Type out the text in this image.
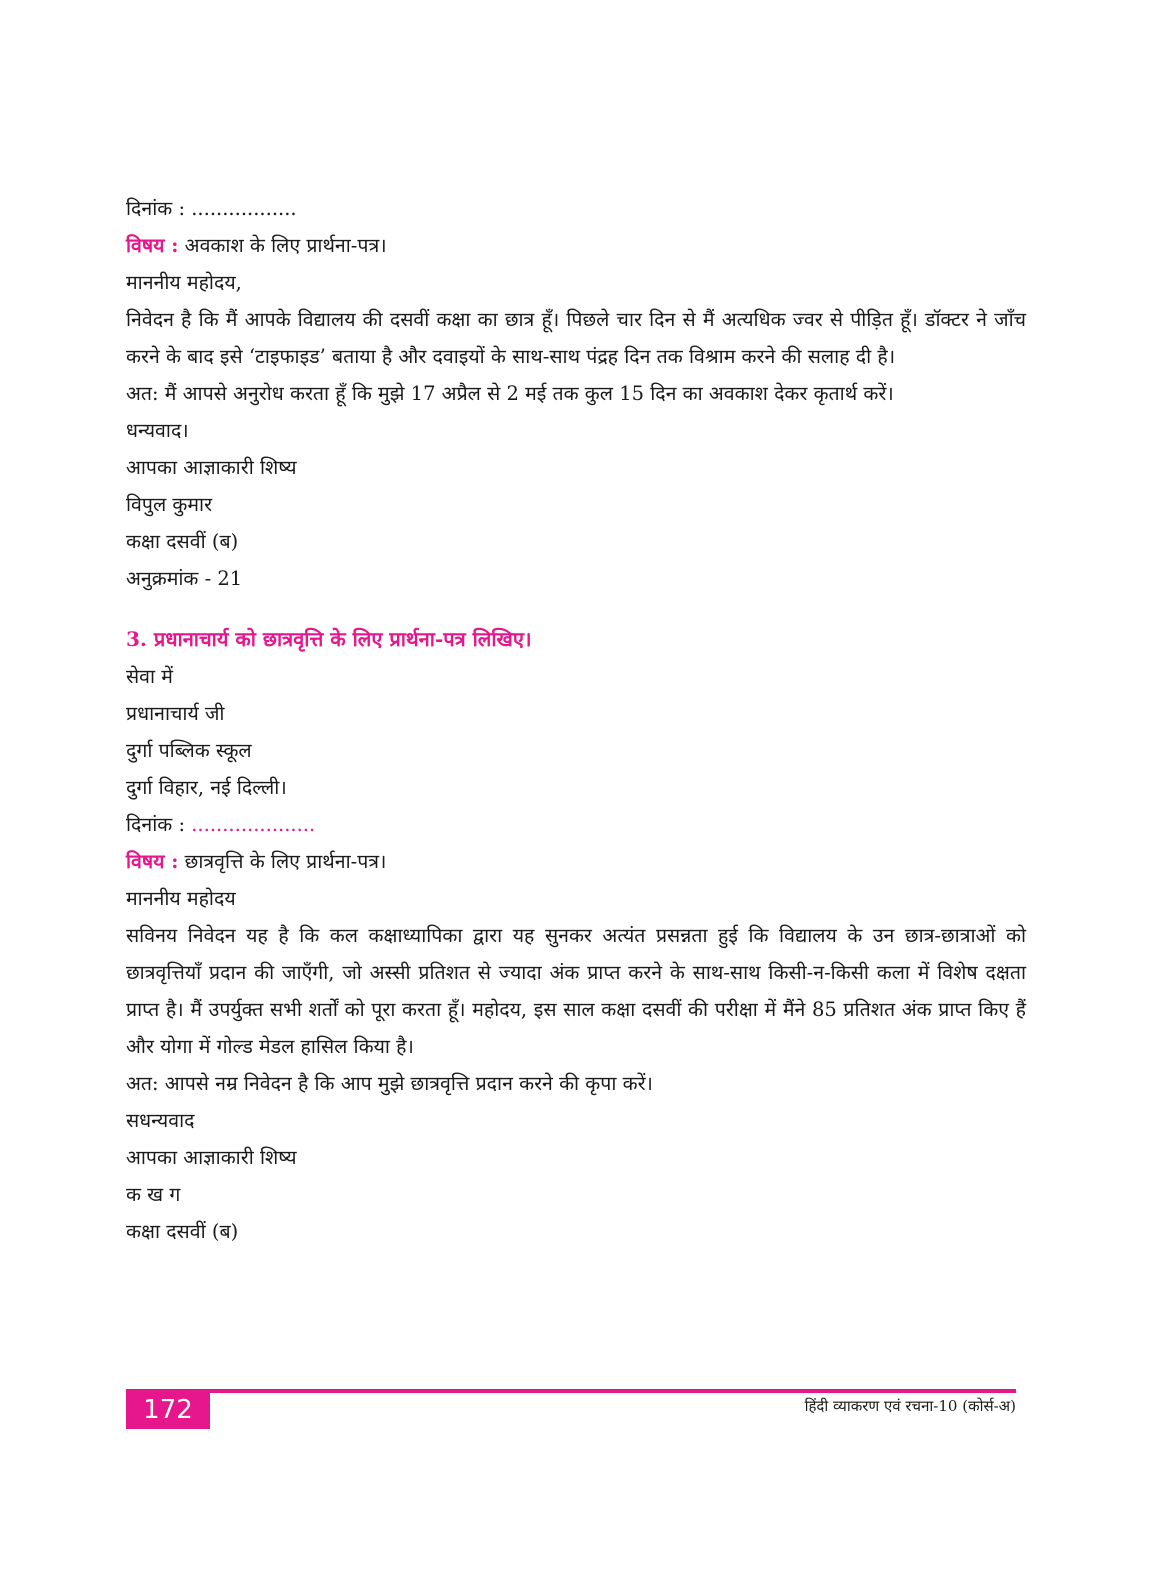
दिनांक : .................

विषय : अवकाश के लिए प्रार्थना-पत्र।

माननीय महोदय,

निवेदन है कि मैं आपके विद्यालय की दसवीं कक्षा का छात्र हूँ। पिछले चार दिन से मैं अत्यधिक ज्वर से पीड़ित हूँ। डॉक्टर ने जाँच करने के बाद इसे ‘टाइफाइड’ बताया है और दवाइयों के साथ-साथ पंद्रह दिन तक विश्राम करने की सलाह दी है।

अत: मैं आपसे अनुरोध करता हूँ कि मुझे 17 अप्रैल से 2 मई तक कुल 15 दिन का अवकाश देकर कृतार्थ करें।

धन्यवाद।

आपका आज्ञाकारी शिष्य

विपुल कुमार

कक्षा दसवीं (ब)

अनुक्रमांक - 21

3. प्रधानाचार्य को छात्रवृत्ति के लिए प्रार्थना-पत्र लिखिए।

सेवा में

प्रधानाचार्य जी

दुर्गा पब्लिक स्कूल

दुर्गा विहार, नई दिल्ली।

दिनांक : ....................

विषय : छात्रवृत्ति के लिए प्रार्थना-पत्र।

माननीय महोदय

सविनय निवेदन यह है कि कल कक्षाध्यापिका द्वारा यह सुनकर अत्यंत प्रसन्नता हुई कि विद्यालय के उन छात्र-छात्राओं को छात्रवृत्तियाँ प्रदान की जाएँगी, जो अस्सी प्रतिशत से ज्यादा अंक प्राप्त करने के साथ-साथ किसी-न-किसी कला में विशेष दक्षता प्राप्त है। मैं उपर्युक्त सभी शर्तों को पूरा करता हूँ। महोदय, इस साल कक्षा दसवीं की परीक्षा में मैंने 85 प्रतिशत अंक प्राप्त किए हैं और योगा में गोल्ड मेडल हासिल किया है।

अत: आपसे नम्र निवेदन है कि आप मुझे छात्रवृत्ति प्रदान करने की कृपा करें।

सधन्यवाद

आपका आज्ञाकारी शिष्य

क ख ग

कक्षा दसवीं (ब)

172	हिंदी व्याकरण एवं रचना-10 (कोर्स-अ)
